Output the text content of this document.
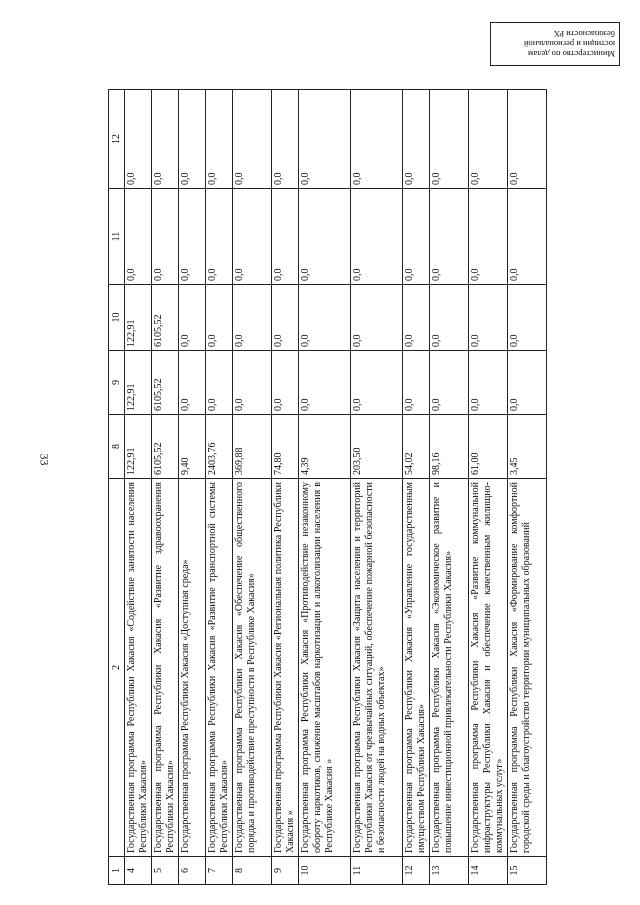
33
Министерство по делам
юстиции и региональной
безопасности РХ
1	2	8	9	10	11	12
4	Государственная программа Республики Хакасия «Содействие занятости населения Республики Хакасия»	122,91	122,91	122,91	0,0	0,0
5	Государственная программа Республики Хакасия «Развитие здравоохранения Республики Хакасия»	6105,52	6105,52	6105,52	0,0	0,0
6	Государственная программа Республики Хакасия «Доступная среда»	9,40	0,0	0,0	0,0	0,0
7	Государственная программа Республики Хакасия «Развитие транспортной системы Республики Хакасия»	2403,76	0,0	0,0	0,0	0,0
8	Государственная программа Республики Хакасия «Обеспечение общественного порядка и противодействие преступности в Республике Хакасия»	369,88	0,0	0,0	0,0	0,0
9	Государственная программа Республики Хакасия «Региональная политика Республики Хакасия »	74,80	0,0	0,0	0,0	0,0
10	Государственная программа Республики Хакасия «Противодействие незаконному обороту наркотиков, снижение масштабов наркотизации и алкоголизации населения в Республике Хакасия »	4,39	0,0	0,0	0,0	0,0
11	Государственная программа Республики Хакасия «Защита населения и территорий Республики Хакасия от чрезвычайных ситуаций, обеспечение пожарной безопасности и безопасности людей на водных объектах»	203,50	0,0	0,0	0,0	0,0
12	Государственная программа Республики Хакасия «Управление государственным имуществом Республики Хакасия»	54,02	0,0	0,0	0,0	0,0
13	Государственная программа Республики Хакасия «Экономическое развитие и повышение инвестиционной привлекательности Республики Хакасия»	98,16	0,0	0,0	0,0	0,0
14	Государственная программа Республики Хакасия «Развитие коммунальной инфраструктуры Республики Хакасия и обеспечение качественным жилищно-коммунальных услуг»	61,00	0,0	0,0	0,0	0,0
15	Государственная программа Республики Хакасия «Формирование комфортной городской среды и благоустройство территории муниципальных образований	3,45	0,0	0,0	0,0	0,0
